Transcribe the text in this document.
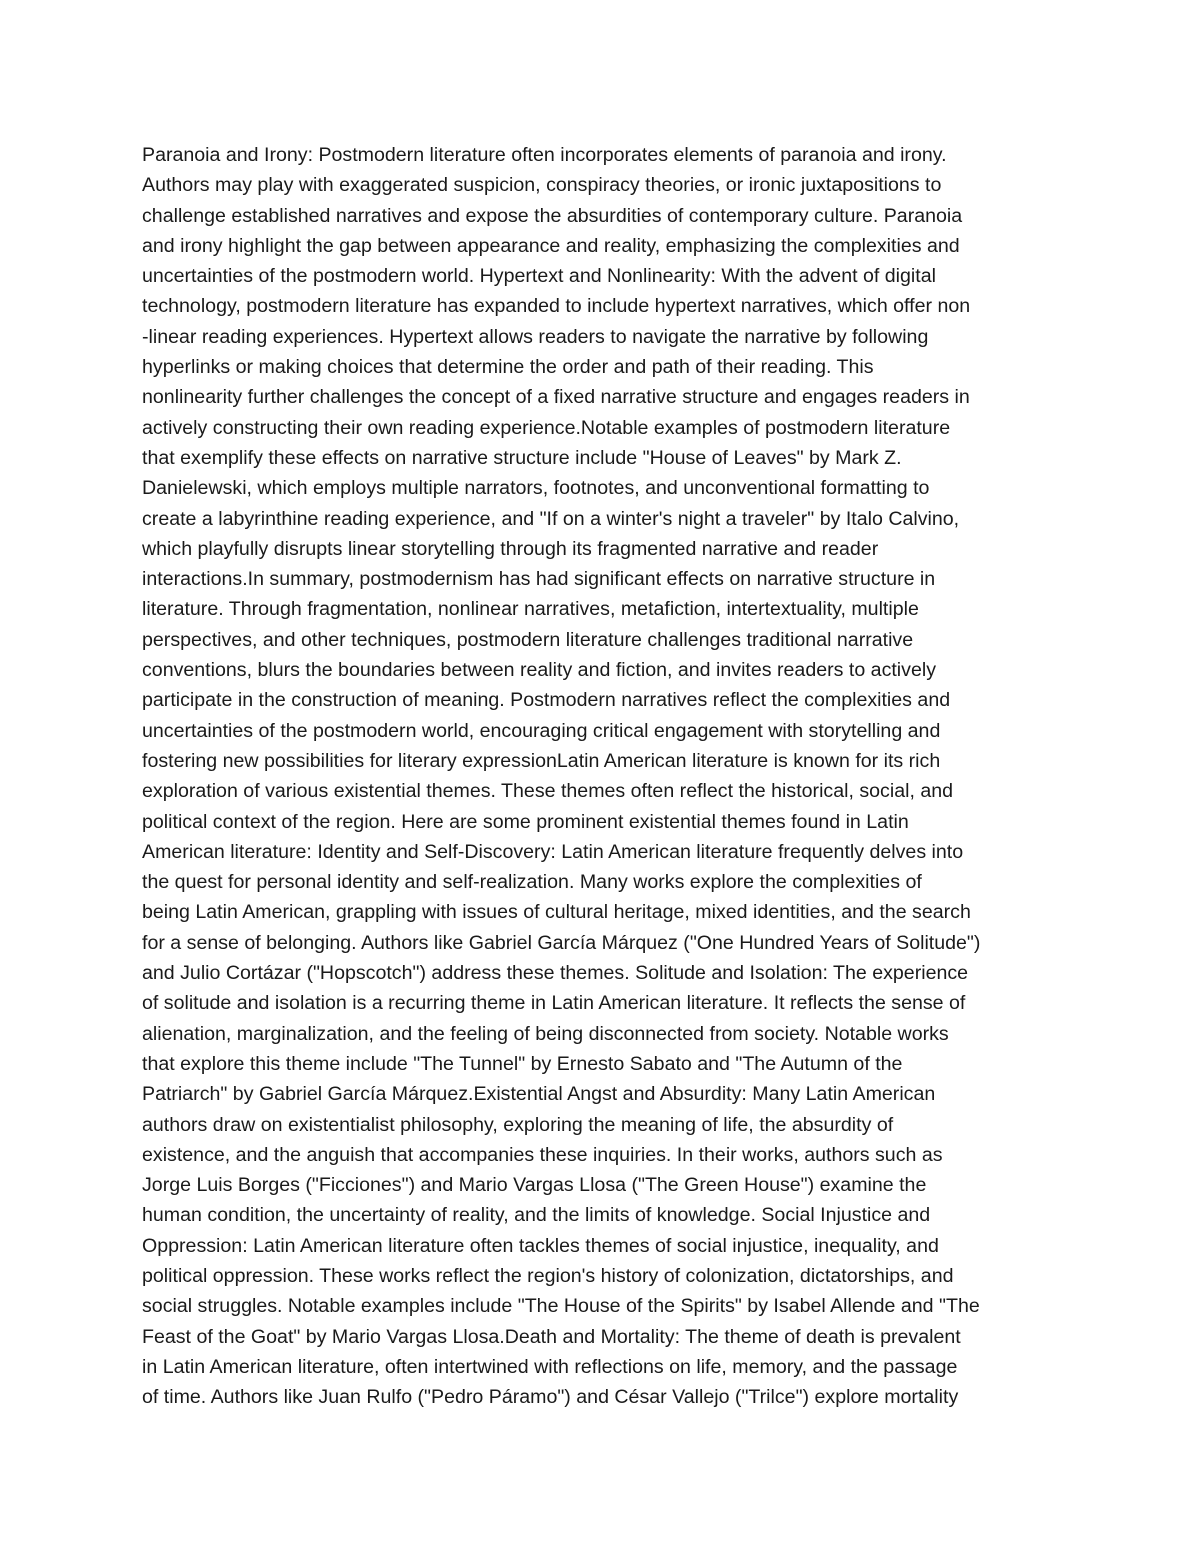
Paranoia and Irony: Postmodern literature often incorporates elements of paranoia and irony.
Authors may play with exaggerated suspicion, conspiracy theories, or ironic juxtapositions to
challenge established narratives and expose the absurdities of contemporary culture. Paranoia
and irony highlight the gap between appearance and reality, emphasizing the complexities and
uncertainties of the postmodern world. Hypertext and Nonlinearity: With the advent of digital
technology, postmodern literature has expanded to include hypertext narratives, which offer non
-linear reading experiences. Hypertext allows readers to navigate the narrative by following
hyperlinks or making choices that determine the order and path of their reading. This
nonlinearity further challenges the concept of a fixed narrative structure and engages readers in
actively constructing their own reading experience.Notable examples of postmodern literature
that exemplify these effects on narrative structure include "House of Leaves" by Mark Z.
Danielewski, which employs multiple narrators, footnotes, and unconventional formatting to
create a labyrinthine reading experience, and "If on a winter's night a traveler" by Italo Calvino,
which playfully disrupts linear storytelling through its fragmented narrative and reader
interactions.In summary, postmodernism has had significant effects on narrative structure in
literature. Through fragmentation, nonlinear narratives, metafiction, intertextuality, multiple
perspectives, and other techniques, postmodern literature challenges traditional narrative
conventions, blurs the boundaries between reality and fiction, and invites readers to actively
participate in the construction of meaning. Postmodern narratives reflect the complexities and
uncertainties of the postmodern world, encouraging critical engagement with storytelling and
fostering new possibilities for literary expressionLatin American literature is known for its rich
exploration of various existential themes. These themes often reflect the historical, social, and
political context of the region. Here are some prominent existential themes found in Latin
American literature: Identity and Self-Discovery: Latin American literature frequently delves into
the quest for personal identity and self-realization. Many works explore the complexities of
being Latin American, grappling with issues of cultural heritage, mixed identities, and the search
for a sense of belonging. Authors like Gabriel García Márquez ("One Hundred Years of Solitude")
and Julio Cortázar ("Hopscotch") address these themes. Solitude and Isolation: The experience
of solitude and isolation is a recurring theme in Latin American literature. It reflects the sense of
alienation, marginalization, and the feeling of being disconnected from society. Notable works
that explore this theme include "The Tunnel" by Ernesto Sabato and "The Autumn of the
Patriarch" by Gabriel García Márquez.Existential Angst and Absurdity: Many Latin American
authors draw on existentialist philosophy, exploring the meaning of life, the absurdity of
existence, and the anguish that accompanies these inquiries. In their works, authors such as
Jorge Luis Borges ("Ficciones") and Mario Vargas Llosa ("The Green House") examine the
human condition, the uncertainty of reality, and the limits of knowledge. Social Injustice and
Oppression: Latin American literature often tackles themes of social injustice, inequality, and
political oppression. These works reflect the region's history of colonization, dictatorships, and
social struggles. Notable examples include "The House of the Spirits" by Isabel Allende and "The
Feast of the Goat" by Mario Vargas Llosa.Death and Mortality: The theme of death is prevalent
in Latin American literature, often intertwined with reflections on life, memory, and the passage
of time. Authors like Juan Rulfo ("Pedro Páramo") and César Vallejo ("Trilce") explore mortality
